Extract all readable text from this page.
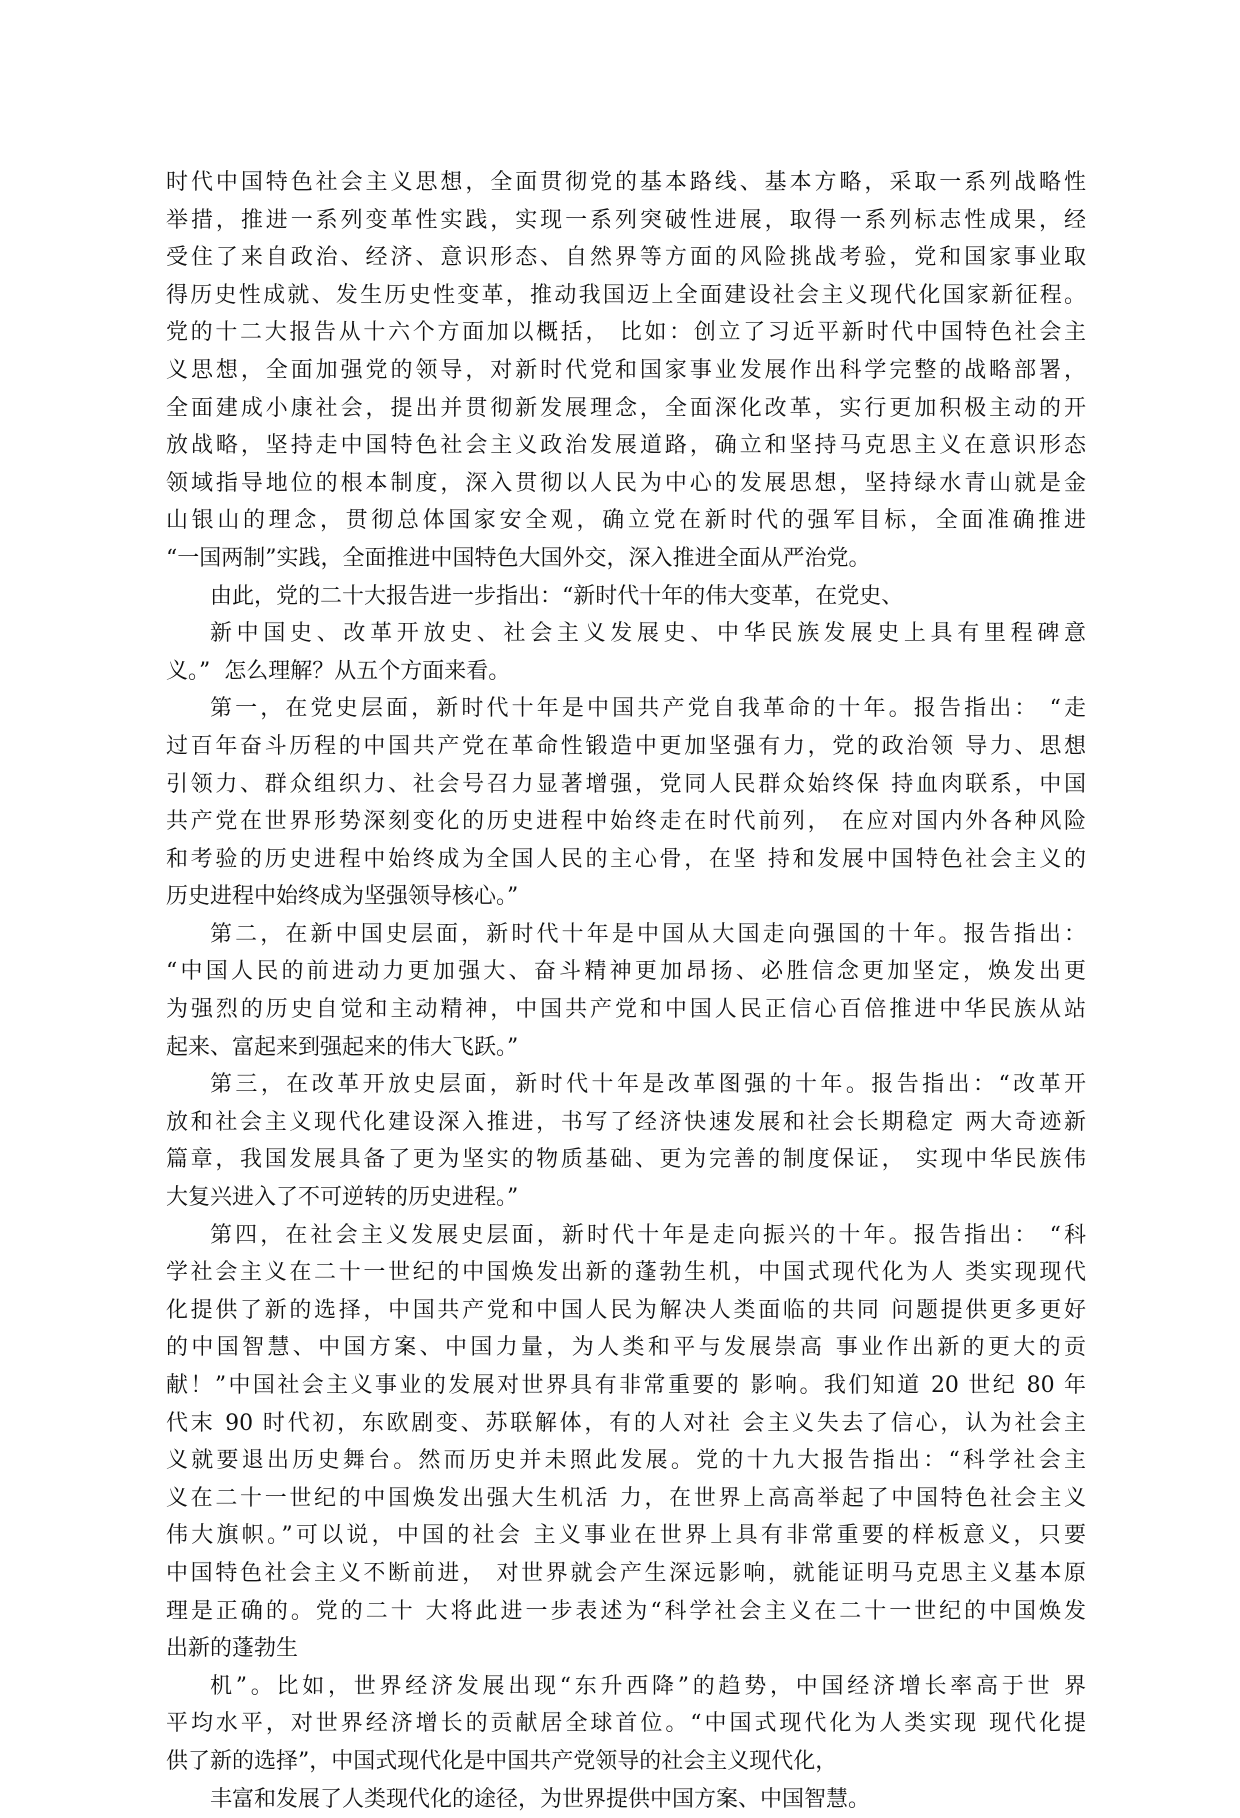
时代中国特色社会主义思想，全面贯彻党的基本路线、基本方略，采取一系列战略性
举措，推进一系列变革性实践，实现一系列突破性进展，取得一系列标志性成果，经
受住了来自政治、经济、意识形态、自然界等方面的风险挑战考验，党和国家事业取
得历史性成就、发生历史性变革，推动我国迈上全面建设社会主义现代化国家新征程。
党的十二大报告从十六个方面加以概括， 比如：创立了习近平新时代中国特色社会主
义思想，全面加强党的领导，对新时代党和国家事业发展作出科学完整的战略部署，
全面建成小康社会，提出并贯彻新发展理念，全面深化改革，实行更加积极主动的开
放战略，坚持走中国特色社会主义政治发展道路，确立和坚持马克思主义在意识形态
领域指导地位的根本制度，深入贯彻以人民为中心的发展思想，坚持绿水青山就是金
山银山的理念，贯彻总体国家安全观，确立党在新时代的强军目标，全面准确推进
“一国两制”实践，全面推进中国特色大国外交，深入推进全面从严治党。
由此，党的二十大报告进一步指出：“新时代十年的伟大变革，在党史、
新中国史、改革开放史、社会主义发展史、中华民族发展史上具有里程碑意
义。”  怎么理解？从五个方面来看。
第一，在党史层面，新时代十年是中国共产党自我革命的十年。报告指出： “走
过百年奋斗历程的中国共产党在革命性锻造中更加坚强有力，党的政治领 导力、思想
引领力、群众组织力、社会号召力显著增强，党同人民群众始终保 持血肉联系，中国
共产党在世界形势深刻变化的历史进程中始终走在时代前列， 在应对国内外各种风险
和考验的历史进程中始终成为全国人民的主心骨，在坚 持和发展中国特色社会主义的
历史进程中始终成为坚强领导核心。”
第二，在新中国史层面，新时代十年是中国从大国走向强国的十年。报告指出：
“中国人民的前进动力更加强大、奋斗精神更加昂扬、必胜信念更加坚定，焕发出更
为强烈的历史自觉和主动精神，中国共产党和中国人民正信心百倍推进中华民族从站
起来、富起来到强起来的伟大飞跃。”
第三，在改革开放史层面，新时代十年是改革图强的十年。报告指出：“改革开
放和社会主义现代化建设深入推进，书写了经济快速发展和社会长期稳定 两大奇迹新
篇章，我国发展具备了更为坚实的物质基础、更为完善的制度保证， 实现中华民族伟
大复兴进入了不可逆转的历史进程。”
第四，在社会主义发展史层面，新时代十年是走向振兴的十年。报告指出： “科
学社会主义在二十一世纪的中国焕发出新的蓬勃生机，中国式现代化为人 类实现现代
化提供了新的选择，中国共产党和中国人民为解决人类面临的共同 问题提供更多更好
的中国智慧、中国方案、中国力量，为人类和平与发展崇高 事业作出新的更大的贡
献！”中国社会主义事业的发展对世界具有非常重要的 影响。我们知道 20 世纪 80 年
代末 90 时代初，东欧剧变、苏联解体，有的人对社 会主义失去了信心，认为社会主
义就要退出历史舞台。然而历史并未照此发展。党的十九大报告指出：“科学社会主
义在二十一世纪的中国焕发出强大生机活 力，在世界上高高举起了中国特色社会主义
伟大旗帜。”可以说，中国的社会 主义事业在世界上具有非常重要的样板意义，只要
中国特色社会主义不断前进， 对世界就会产生深远影响，就能证明马克思主义基本原
理是正确的。党的二十 大将此进一步表述为“科学社会主义在二十一世纪的中国焕发
出新的蓬勃生
机”。比如，世界经济发展出现“东升西降”的趋势，中国经济增长率高于世 界
平均水平，对世界经济增长的贡献居全球首位。“中国式现代化为人类实现 现代化提
供了新的选择”，中国式现代化是中国共产党领导的社会主义现代化，
丰富和发展了人类现代化的途径，为世界提供中国方案、中国智慧。
